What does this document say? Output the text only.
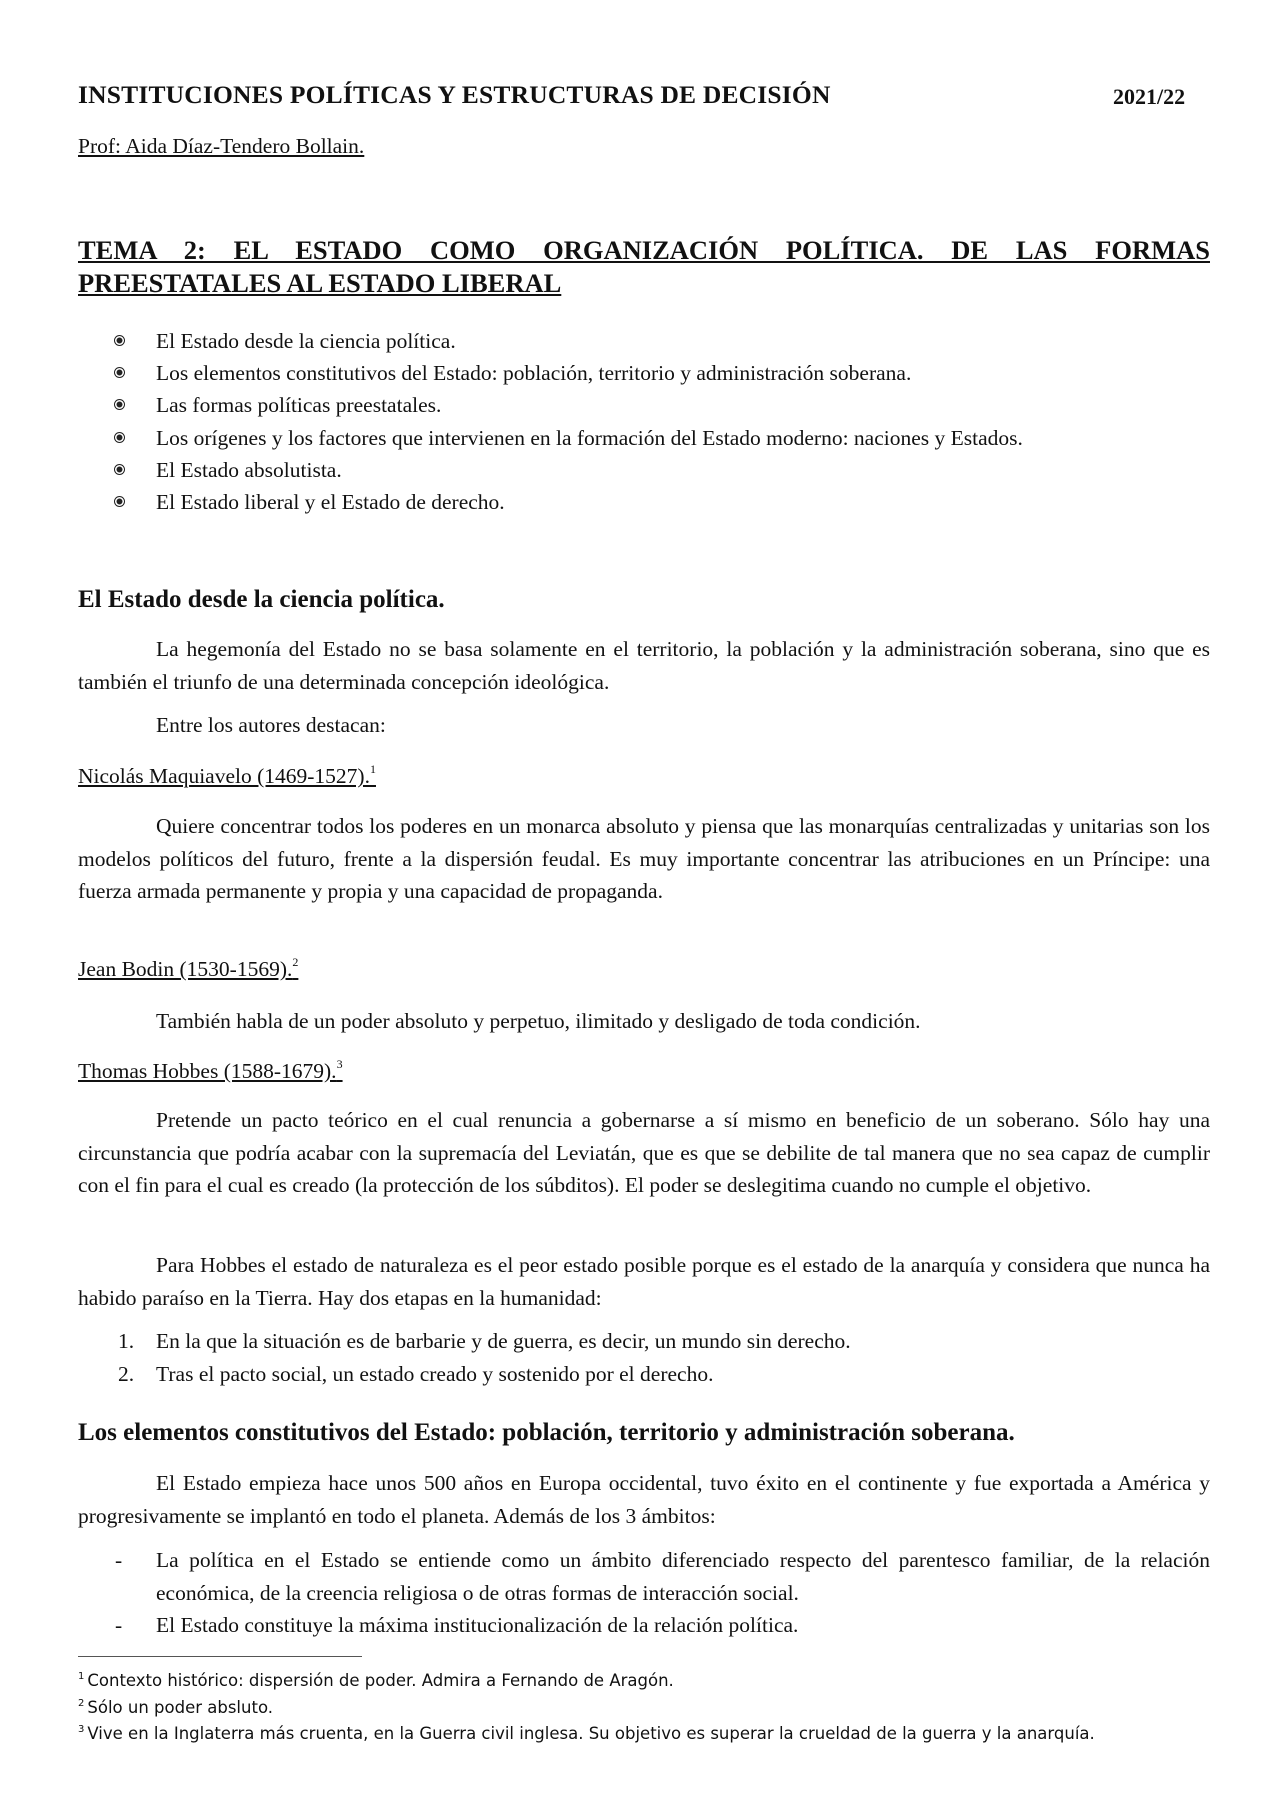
INSTITUCIONES POLÍTICAS Y ESTRUCTURAS DE DECISIÓN	2021/22
Prof: Aida Díaz-Tendero Bollain.
TEMA 2: EL ESTADO COMO ORGANIZACIÓN POLÍTICA. DE LAS FORMAS PREESTATALES AL ESTADO LIBERAL
El Estado desde la ciencia política.
Los elementos constitutivos del Estado: población, territorio y administración soberana.
Las formas políticas preestatales.
Los orígenes y los factores que intervienen en la formación del Estado moderno: naciones y Estados.
El Estado absolutista.
El Estado liberal y el Estado de derecho.
El Estado desde la ciencia política.

La hegemonía del Estado no se basa solamente en el territorio, la población y la administración soberana, sino que es también el triunfo de una determinada concepción ideológica.

Entre los autores destacan:

Nicolás Maquiavelo (1469-1527).$^1$

Quiere concentrar todos los poderes en un monarca absoluto y piensa que las monarquías centralizadas y unitarias son los modelos políticos del futuro, frente a la dispersión feudal. Es muy importante concentrar las atribuciones en un Príncipe: una fuerza armada permanente y propia y una capacidad de propaganda.

Jean Bodin (1530-1569).$^2$

También habla de un poder absoluto y perpetuo, ilimitado y desligado de toda condición.

Thomas Hobbes (1588-1679).$^3$

Pretende un pacto teórico en el cual renuncia a gobernarse a sí mismo en beneficio de un soberano. Sólo hay una circunstancia que podría acabar con la supremacía del Leviatán, que es que se debilite de tal manera que no sea capaz de cumplir con el fin para el cual es creado (la protección de los súbditos). El poder se deslegitima cuando no cumple el objetivo.

Para Hobbes el estado de naturaleza es el peor estado posible porque es el estado de la anarquía y considera que nunca ha habido paraíso en la Tierra. Hay dos etapas en la humanidad:

1. En la que la situación es de barbarie y de guerra, es decir, un mundo sin derecho.
2. Tras el pacto social, un estado creado y sostenido por el derecho.
Los elementos constitutivos del Estado: población, territorio y administración soberana.

El Estado empieza hace unos 500 años en Europa occidental, tuvo éxito en el continente y fue exportada a América y progresivamente se implantó en todo el planeta. Además de los 3 ámbitos:

- La política en el Estado se entiende como un ámbito diferenciado respecto del parentesco familiar, de la relación económica, de la creencia religiosa o de otras formas de interacción social.
- El Estado constituye la máxima institucionalización de la relación política.
$^1$ Contexto histórico: dispersión de poder. Admira a Fernando de Aragón.
$^2$ Sólo un poder absluto.
$^3$ Vive en la Inglaterra más cruenta, en la Guerra civil inglesa. Su objetivo es superar la crueldad de la guerra y la anarquía.
